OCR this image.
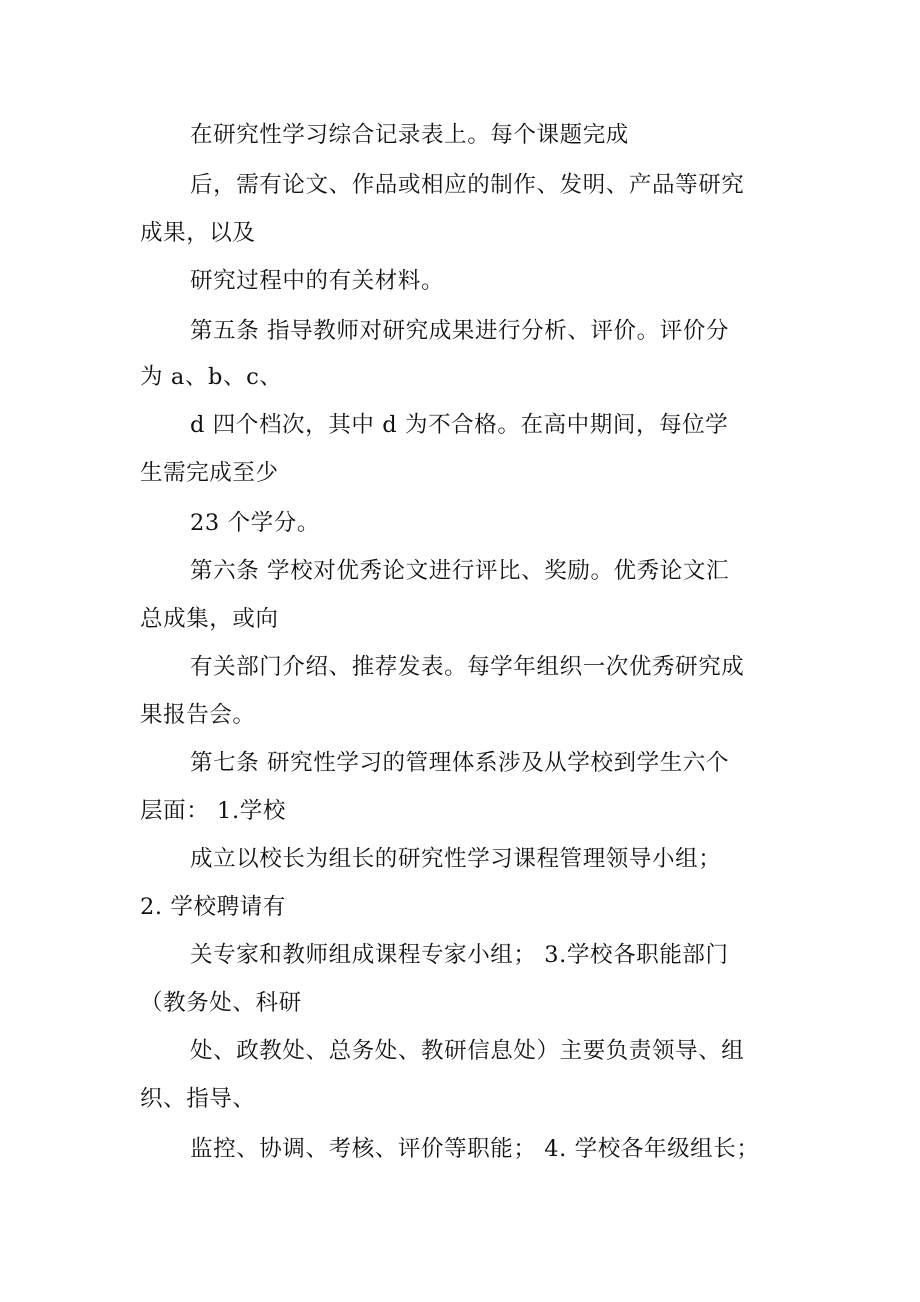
在研究性学习综合记录表上。每个课题完成
后，需有论文、作品或相应的制作、发明、产品等研究
成果，以及
研究过程中的有关材料。
第五条 指导教师对研究成果进行分析、评价。评价分
为 a、b、c、
d 四个档次，其中 d 为不合格。在高中期间，每位学
生需完成至少
23 个学分。
第六条 学校对优秀论文进行评比、奖励。优秀论文汇
总成集，或向
有关部门介绍、推荐发表。每学年组织一次优秀研究成
果报告会。
第七条 研究性学习的管理体系涉及从学校到学生六个
层面： 1.学校
成立以校长为组长的研究性学习课程管理领导小组；
2. 学校聘请有
关专家和教师组成课程专家小组； 3.学校各职能部门
（教务处、科研
处、政教处、总务处、教研信息处）主要负责领导、组
织、指导、
监控、协调、考核、评价等职能； 4. 学校各年级组长；
